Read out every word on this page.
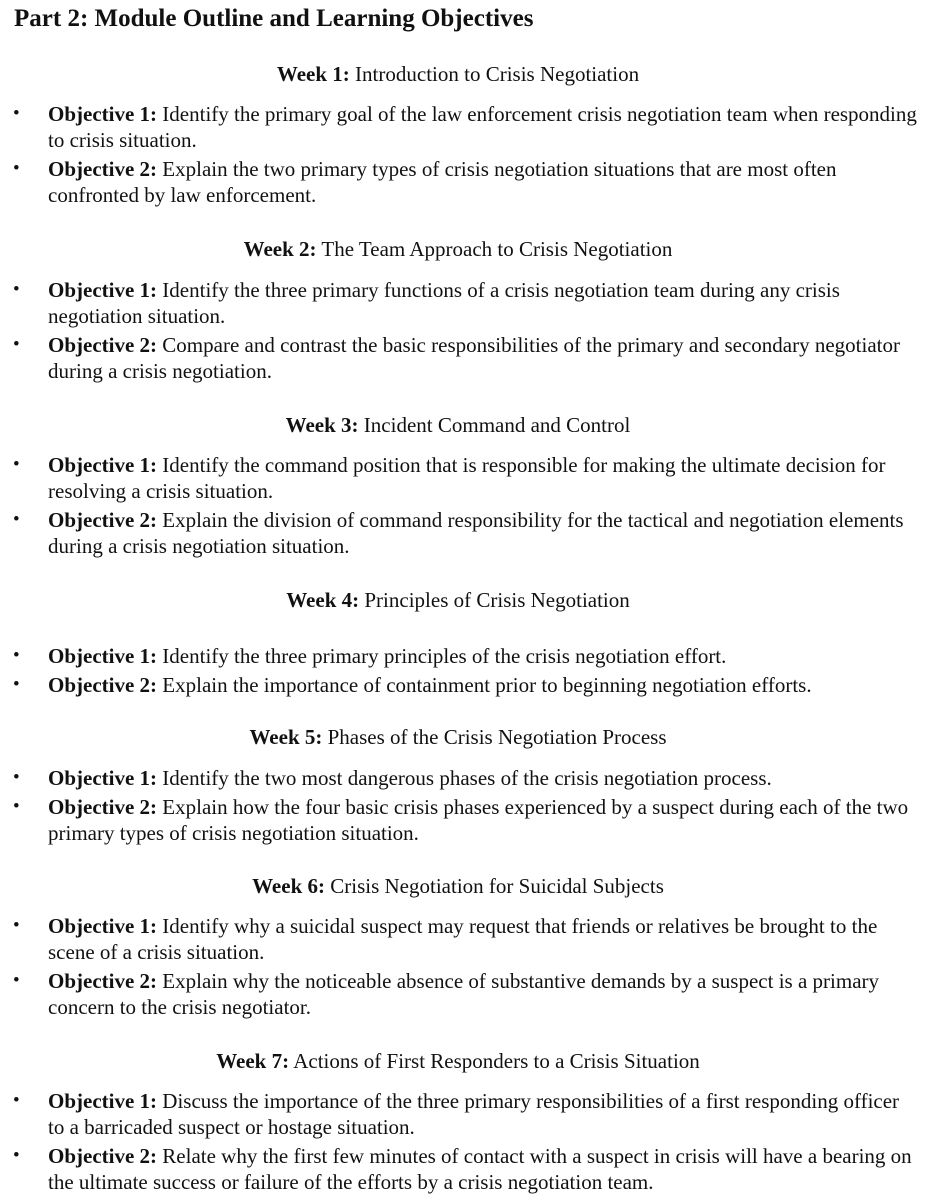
Part 2: Module Outline and Learning Objectives
Week 1: Introduction to Crisis Negotiation
• Objective 1: Identify the primary goal of the law enforcement crisis negotiation team when responding to crisis situation.
• Objective 2: Explain the two primary types of crisis negotiation situations that are most often confronted by law enforcement.
Week 2: The Team Approach to Crisis Negotiation
• Objective 1: Identify the three primary functions of a crisis negotiation team during any crisis negotiation situation.
• Objective 2: Compare and contrast the basic responsibilities of the primary and secondary negotiator during a crisis negotiation.
Week 3: Incident Command and Control
• Objective 1: Identify the command position that is responsible for making the ultimate decision for resolving a crisis situation.
• Objective 2: Explain the division of command responsibility for the tactical and negotiation elements during a crisis negotiation situation.
Week 4: Principles of Crisis Negotiation
• Objective 1: Identify the three primary principles of the crisis negotiation effort.
• Objective 2: Explain the importance of containment prior to beginning negotiation efforts.
Week 5: Phases of the Crisis Negotiation Process
• Objective 1: Identify the two most dangerous phases of the crisis negotiation process.
• Objective 2: Explain how the four basic crisis phases experienced by a suspect during each of the two primary types of crisis negotiation situation.
Week 6: Crisis Negotiation for Suicidal Subjects
• Objective 1: Identify why a suicidal suspect may request that friends or relatives be brought to the scene of a crisis situation.
• Objective 2: Explain why the noticeable absence of substantive demands by a suspect is a primary concern to the crisis negotiator.
Week 7: Actions of First Responders to a Crisis Situation
• Objective 1: Discuss the importance of the three primary responsibilities of a first responding officer to a barricaded suspect or hostage situation.
• Objective 2: Relate why the first few minutes of contact with a suspect in crisis will have a bearing on the ultimate success or failure of the efforts by a crisis negotiation team.
